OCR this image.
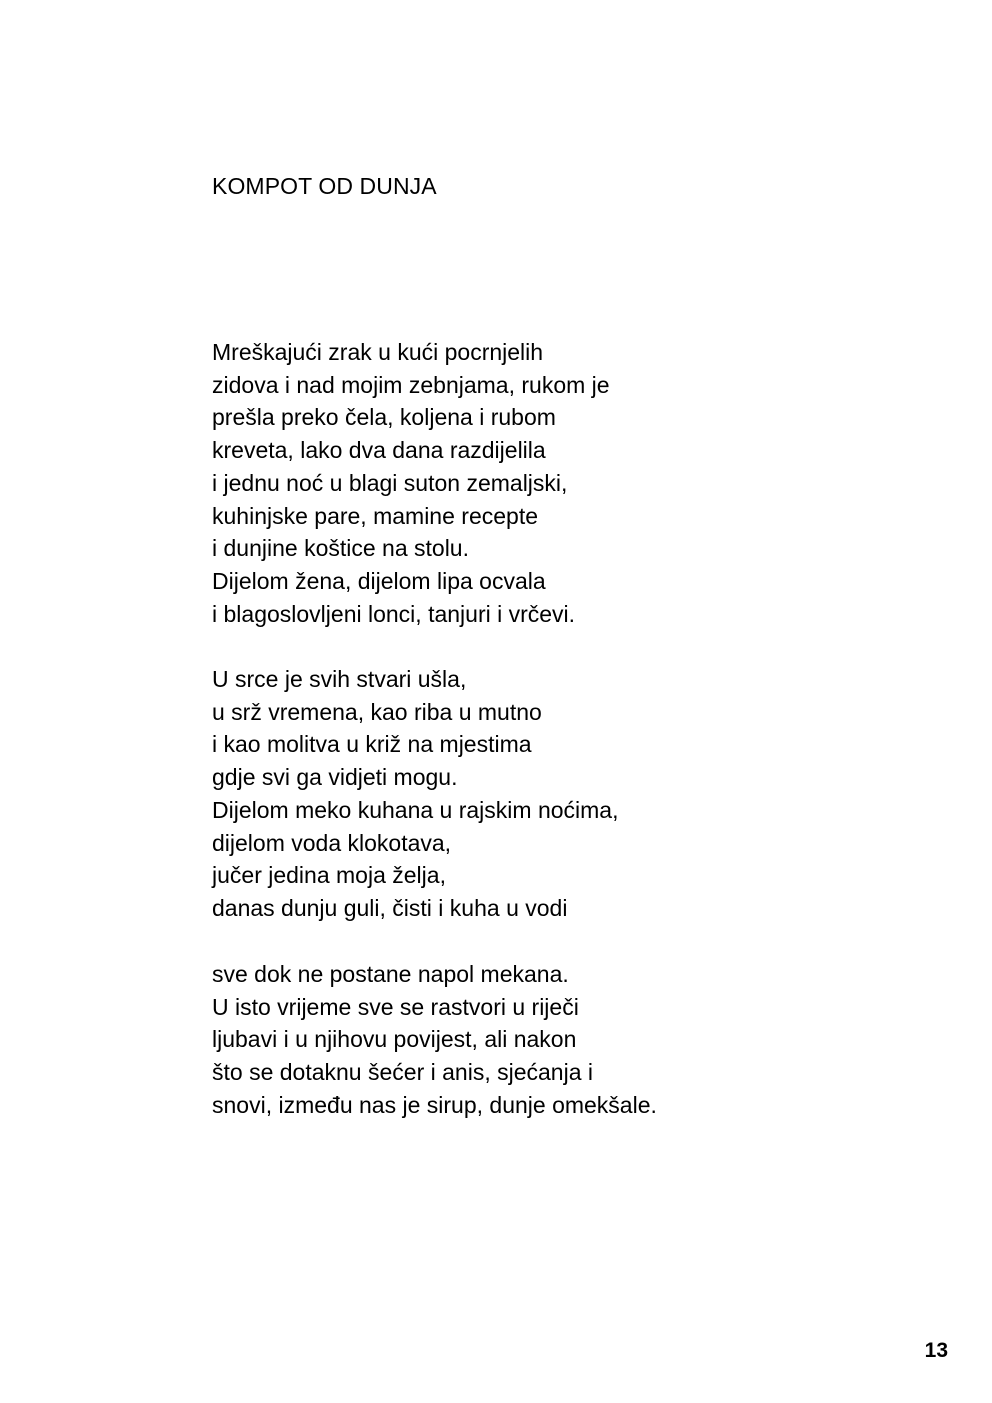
KOMPOT OD DUNJA
Mreškajući zrak u kući pocrnjelih
zidova i nad mojim zebnjama, rukom je
prešla preko čela, koljena i rubom
kreveta, lako dva dana razdijelila
i jednu noć u blagi suton zemaljski,
kuhinjske pare, mamine recepte
i dunjine koštice na stolu.
Dijelom žena, dijelom lipa ocvala
i blagoslovljeni lonci, tanjuri i vrčevi.
U srce je svih stvari ušla,
u srž vremena, kao riba u mutno
i kao molitva u križ na mjestima
gdje svi ga vidjeti mogu.
Dijelom meko kuhana u rajskim noćima,
dijelom voda klokotava,
jučer jedina moja želja,
danas dunju guli, čisti i kuha u vodi
sve dok ne postane napol mekana.
U isto vrijeme sve se rastvori u riječi
ljubavi i u njihovu povijest, ali nakon
što se dotaknu šećer i anis, sjećanja i
snovi, između nas je sirup, dunje omekšale.
13
